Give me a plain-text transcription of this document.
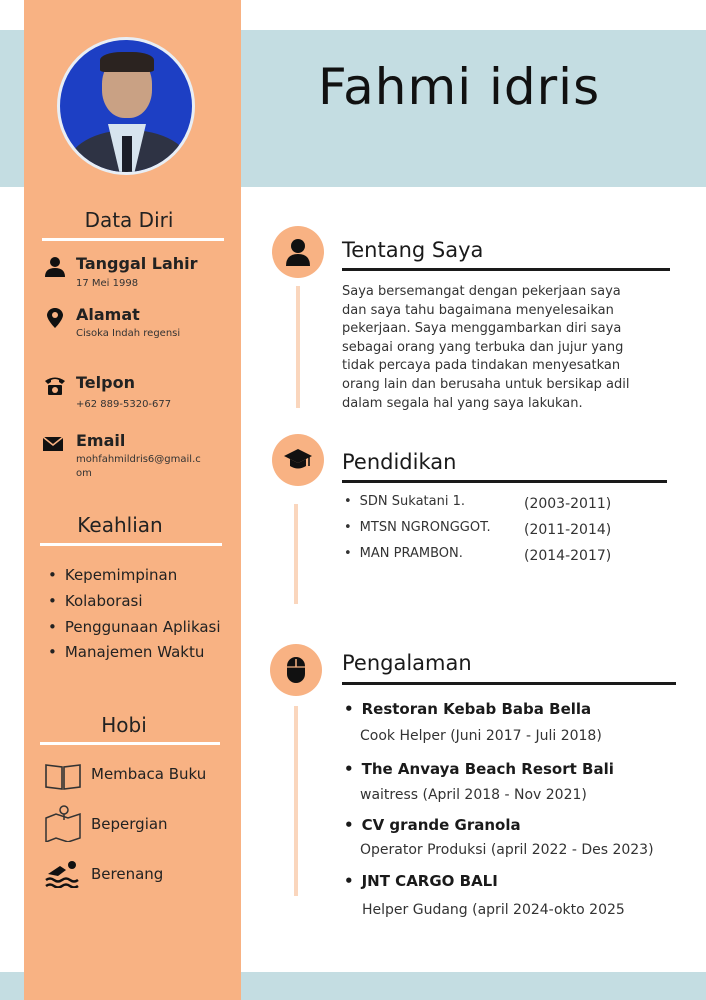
Data Diri
Tanggal Lahir
17 Mei 1998
Alamat
Cisoka Indah regensi
Telpon
+62 889-5320-677
Email
mohfahmildris6@gmail.c
om
Keahlian
• Kepemimpinan
• Kolaborasi
• Penggunaan Aplikasi
• Manajemen Waktu
Hobi
Membaca Buku
Bepergian
Berenang
Fahmi idris
Tentang Saya
Saya bersemangat dengan pekerjaan saya
dan saya tahu bagaimana menyelesaikan
pekerjaan. Saya menggambarkan diri saya
sebagai orang yang terbuka dan jujur yang
tidak percaya pada tindakan menyesatkan
orang lain dan berusaha untuk bersikap adil
dalam segala hal yang saya lakukan.
Pendidikan
• SDN Sukatani 1.	(2003-2011)
• MTSN NGRONGGOT. (2011-2014)
• MAN PRAMBON.	(2014-2017)
Pengalaman
• Restoran Kebab Baba Bella
Cook Helper (Juni 2017 - Juli 2018)
• The Anvaya Beach Resort Bali
waitress (April 2018 - Nov 2021)
• CV grande Granola
Operator Produksi (april 2022 - Des 2023)
• JNT CARGO BALI
Helper Gudang (april 2024-okto 2025
